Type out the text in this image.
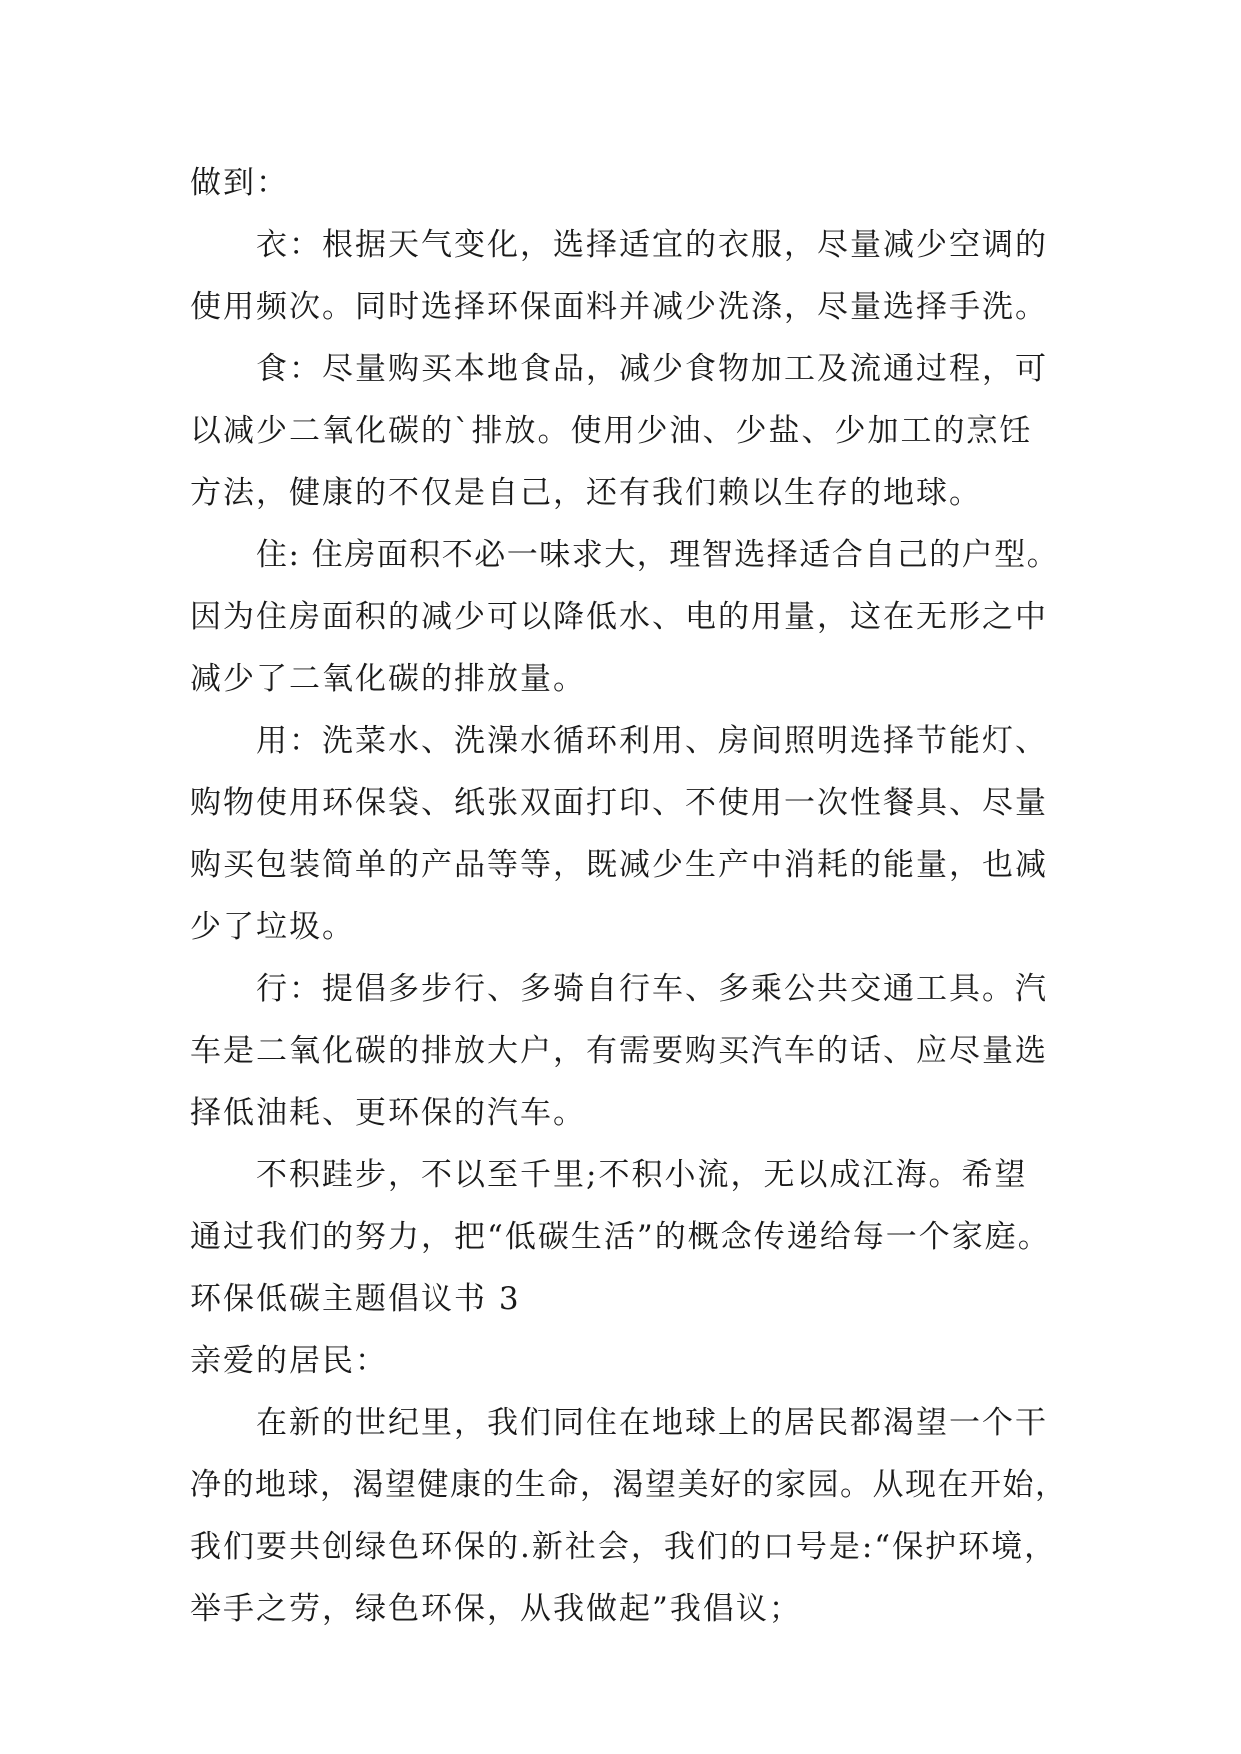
做到：
衣：根据天气变化，选择适宜的衣服，尽量减少空调的
使用频次。同时选择环保面料并减少洗涤，尽量选择手洗。
食：尽量购买本地食品，减少食物加工及流通过程，可
以减少二氧化碳的`排放。使用少油、少盐、少加工的烹饪
方法，健康的不仅是自己，还有我们赖以生存的地球。
住: 住房面积不必一味求大，理智选择适合自己的户型。
因为住房面积的减少可以降低水、电的用量，这在无形之中
减少了二氧化碳的排放量。
用：洗菜水、洗澡水循环利用、房间照明选择节能灯、
购物使用环保袋、纸张双面打印、不使用一次性餐具、尽量
购买包装简单的产品等等，既减少生产中消耗的能量，也减
少了垃圾。
行：提倡多步行、多骑自行车、多乘公共交通工具。汽
车是二氧化碳的排放大户，有需要购买汽车的话、应尽量选
择低油耗、更环保的汽车。
不积跬步，不以至千里;不积小流，无以成江海。希望
通过我们的努力，把“低碳生活”的概念传递给每一个家庭。
环保低碳主题倡议书 3
亲爱的居民：
在新的世纪里，我们同住在地球上的居民都渴望一个干
净的地球，渴望健康的生命，渴望美好的家园。从现在开始，
我们要共创绿色环保的.新社会，我们的口号是:“保护环境，
举手之劳，绿色环保，从我做起”我倡议；
